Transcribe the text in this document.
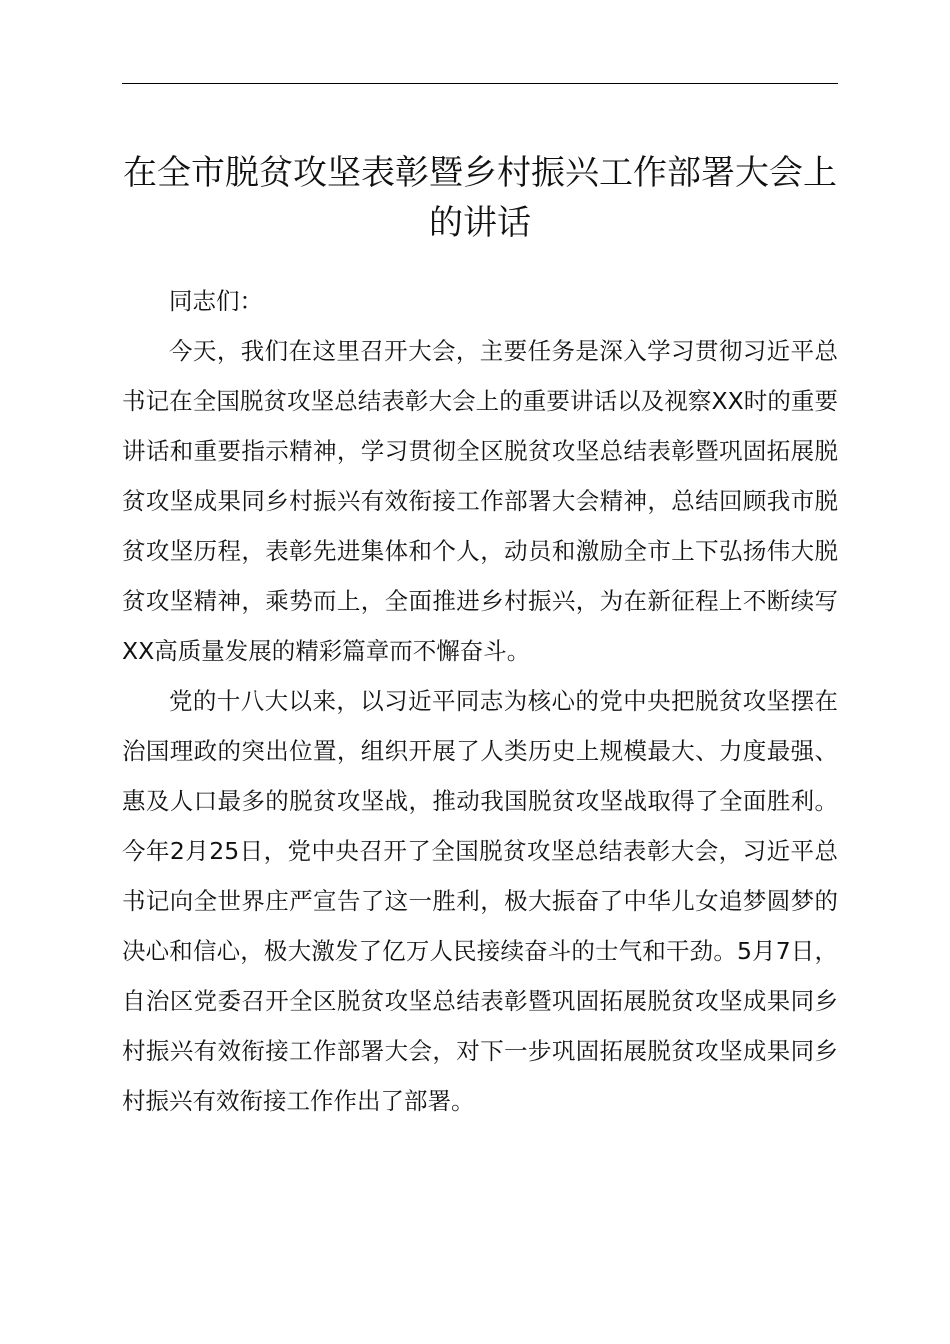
在全市脱贫攻坚表彰暨乡村振兴工作部署大会上的讲话

同志们：

今天，我们在这里召开大会，主要任务是深入学习贯彻习近平总书记在全国脱贫攻坚总结表彰大会上的重要讲话以及视察XX时的重要讲话和重要指示精神，学习贯彻全区脱贫攻坚总结表彰暨巩固拓展脱贫攻坚成果同乡村振兴有效衔接工作部署大会精神，总结回顾我市脱贫攻坚历程，表彰先进集体和个人，动员和激励全市上下弘扬伟大脱贫攻坚精神，乘势而上，全面推进乡村振兴，为在新征程上不断续写XX高质量发展的精彩篇章而不懈奋斗。

党的十八大以来，以习近平同志为核心的党中央把脱贫攻坚摆在治国理政的突出位置，组织开展了人类历史上规模最大、力度最强、惠及人口最多的脱贫攻坚战，推动我国脱贫攻坚战取得了全面胜利。今年2月25日，党中央召开了全国脱贫攻坚总结表彰大会，习近平总书记向全世界庄严宣告了这一胜利，极大振奋了中华儿女追梦圆梦的决心和信心，极大激发了亿万人民接续奋斗的士气和干劲。5月7日，自治区党委召开全区脱贫攻坚总结表彰暨巩固拓展脱贫攻坚成果同乡村振兴有效衔接工作部署大会，对下一步巩固拓展脱贫攻坚成果同乡村振兴有效衔接工作作出了部署。
